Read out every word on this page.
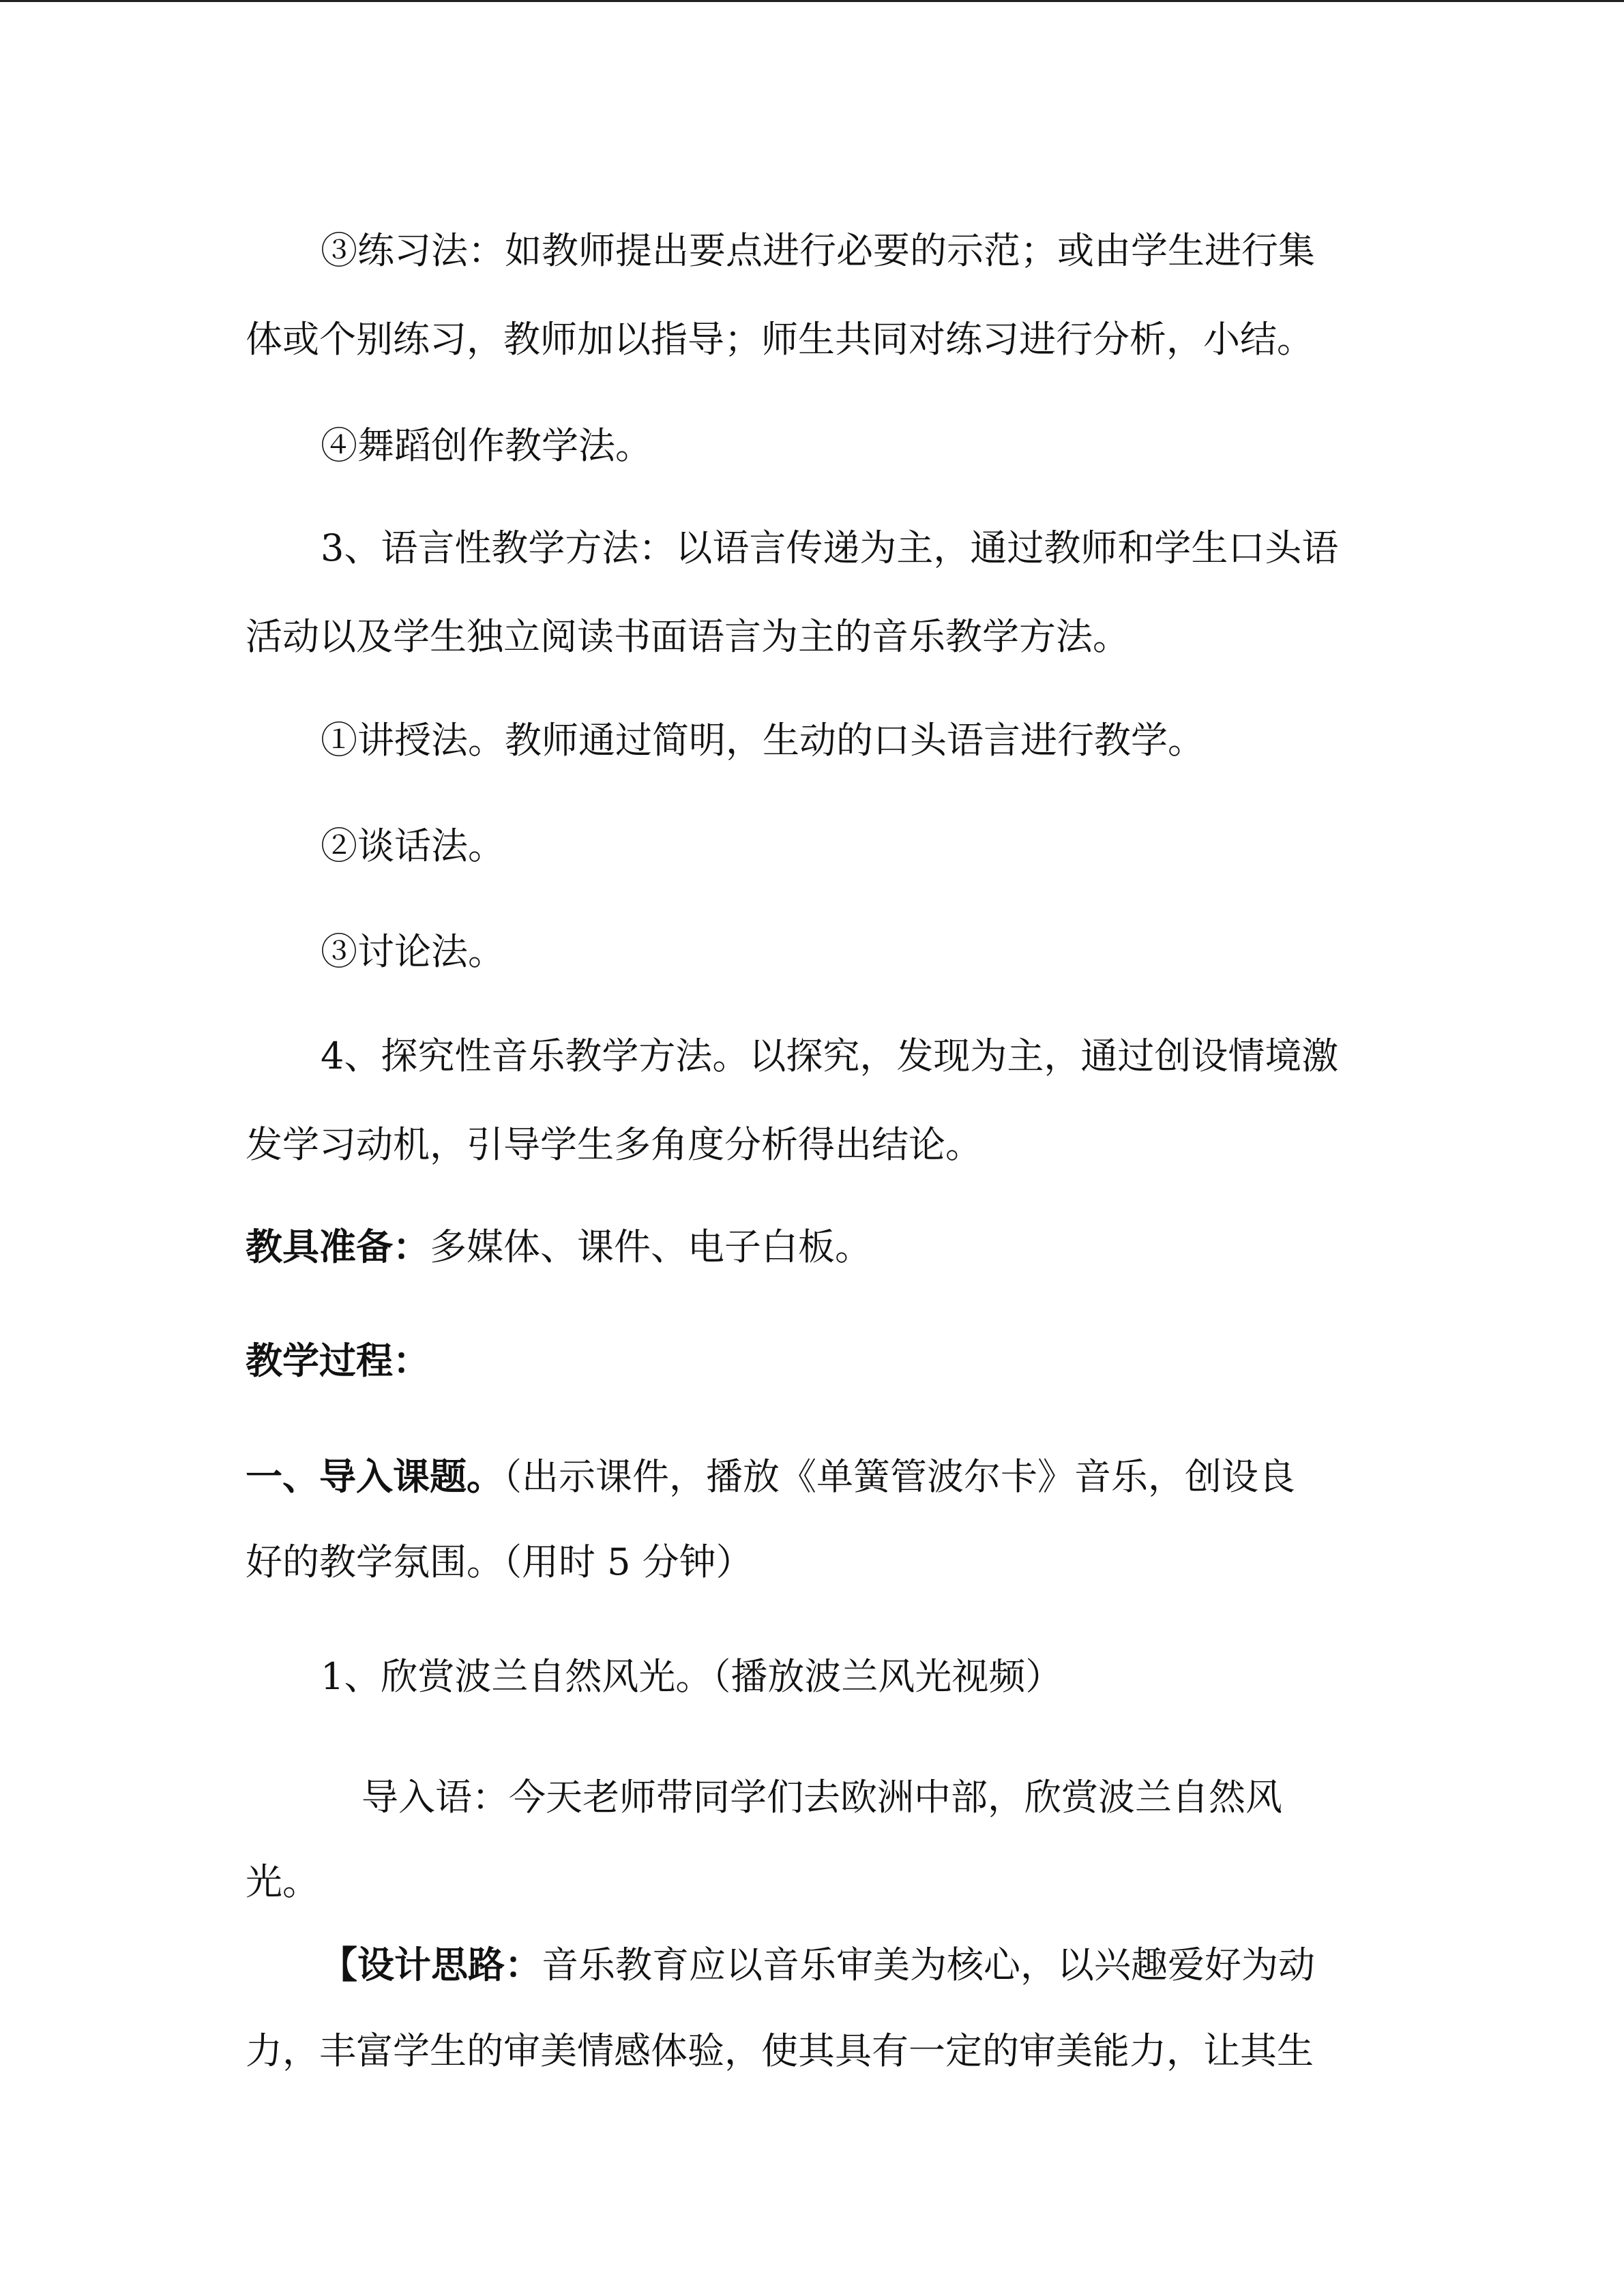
③练习法：如教师提出要点进行必要的示范；或由学生进行集
体或个别练习，教师加以指导；师生共同对练习进行分析，小结。
④舞蹈创作教学法。
3、语言性教学方法：以语言传递为主，通过教师和学生口头语
活动以及学生独立阅读书面语言为主的音乐教学方法。
①讲授法。教师通过简明，生动的口头语言进行教学。
②谈话法。
③讨论法。
4、探究性音乐教学方法。以探究，发现为主，通过创设情境激
发学习动机，引导学生多角度分析得出结论。
教具准备：多媒体、课件、电子白板。
教学过程：
一、导入课题。（出示课件，播放《单簧管波尔卡》音乐，创设良
好的教学氛围。（用时 5 分钟）
1、欣赏波兰自然风光。（播放波兰风光视频）
导入语：今天老师带同学们去欧洲中部，欣赏波兰自然风
光。
【设计思路：音乐教育应以音乐审美为核心，以兴趣爱好为动
力，丰富学生的审美情感体验，使其具有一定的审美能力，让其生
